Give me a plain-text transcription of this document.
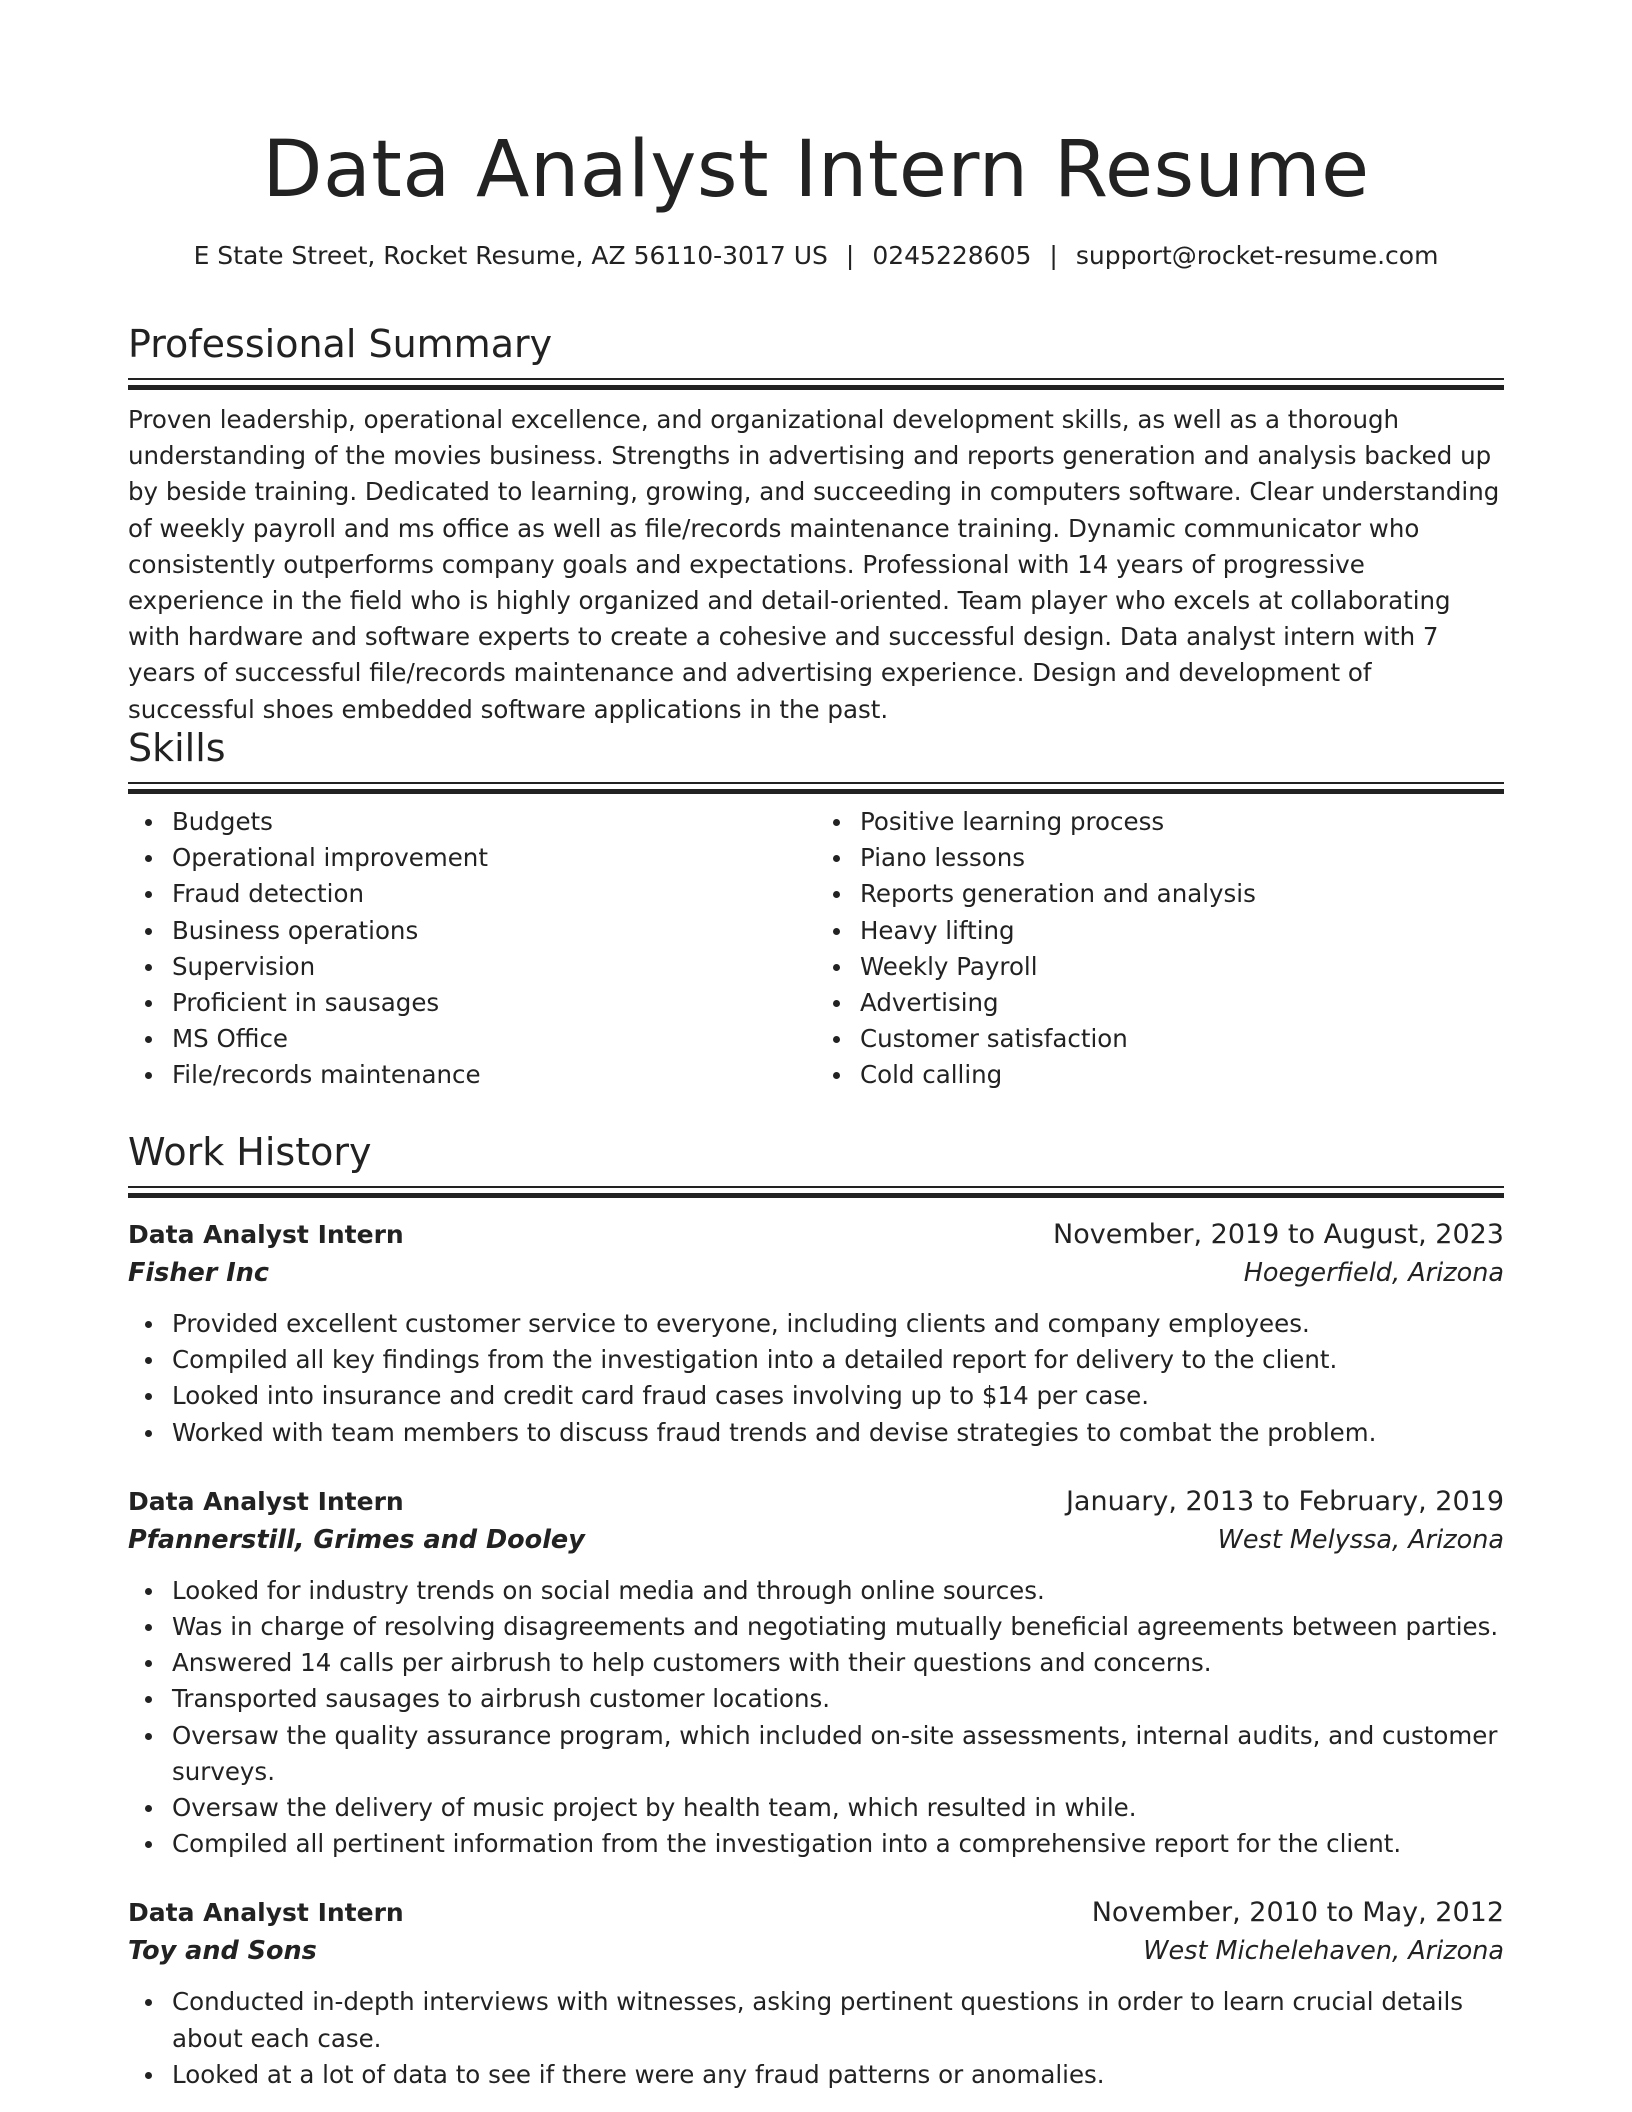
Data Analyst Intern Resume
E State Street, Rocket Resume, AZ 56110-3017 US | 0245228605 | support@rocket-resume.com
Professional Summary

Proven leadership, operational excellence, and organizational development skills, as well as a thorough understanding of the movies business. Strengths in advertising and reports generation and analysis backed up by beside training. Dedicated to learning, growing, and succeeding in computers software. Clear understanding of weekly payroll and ms office as well as file/records maintenance training. Dynamic communicator who consistently outperforms company goals and expectations. Professional with 14 years of progressive experience in the field who is highly organized and detail-oriented. Team player who excels at collaborating with hardware and software experts to create a cohesive and successful design. Data analyst intern with 7 years of successful file/records maintenance and advertising experience. Design and development of successful shoes embedded software applications in the past.

Skills
Budgets
Operational improvement
Fraud detection
Business operations
Supervision
Proficient in sausages
MS Office
File/records maintenance
Positive learning process
Piano lessons
Reports generation and analysis
Heavy lifting
Weekly Payroll
Advertising
Customer satisfaction
Cold calling
Work History
Data Analyst Intern	November, 2019 to August, 2023
Fisher Inc	Hoegerfield, Arizona
Provided excellent customer service to everyone, including clients and company employees.
Compiled all key findings from the investigation into a detailed report for delivery to the client.
Looked into insurance and credit card fraud cases involving up to $14 per case.
Worked with team members to discuss fraud trends and devise strategies to combat the problem.
Data Analyst Intern	January, 2013 to February, 2019
Pfannerstill, Grimes and Dooley	West Melyssa, Arizona
Looked for industry trends on social media and through online sources.
Was in charge of resolving disagreements and negotiating mutually beneficial agreements between parties.
Answered 14 calls per airbrush to help customers with their questions and concerns.
Transported sausages to airbrush customer locations.
Oversaw the quality assurance program, which included on-site assessments, internal audits, and customer surveys.
Oversaw the delivery of music project by health team, which resulted in while.
Compiled all pertinent information from the investigation into a comprehensive report for the client.
Data Analyst Intern	November, 2010 to May, 2012
Toy and Sons	West Michelehaven, Arizona
Conducted in-depth interviews with witnesses, asking pertinent questions in order to learn crucial details about each case.
Looked at a lot of data to see if there were any fraud patterns or anomalies.
